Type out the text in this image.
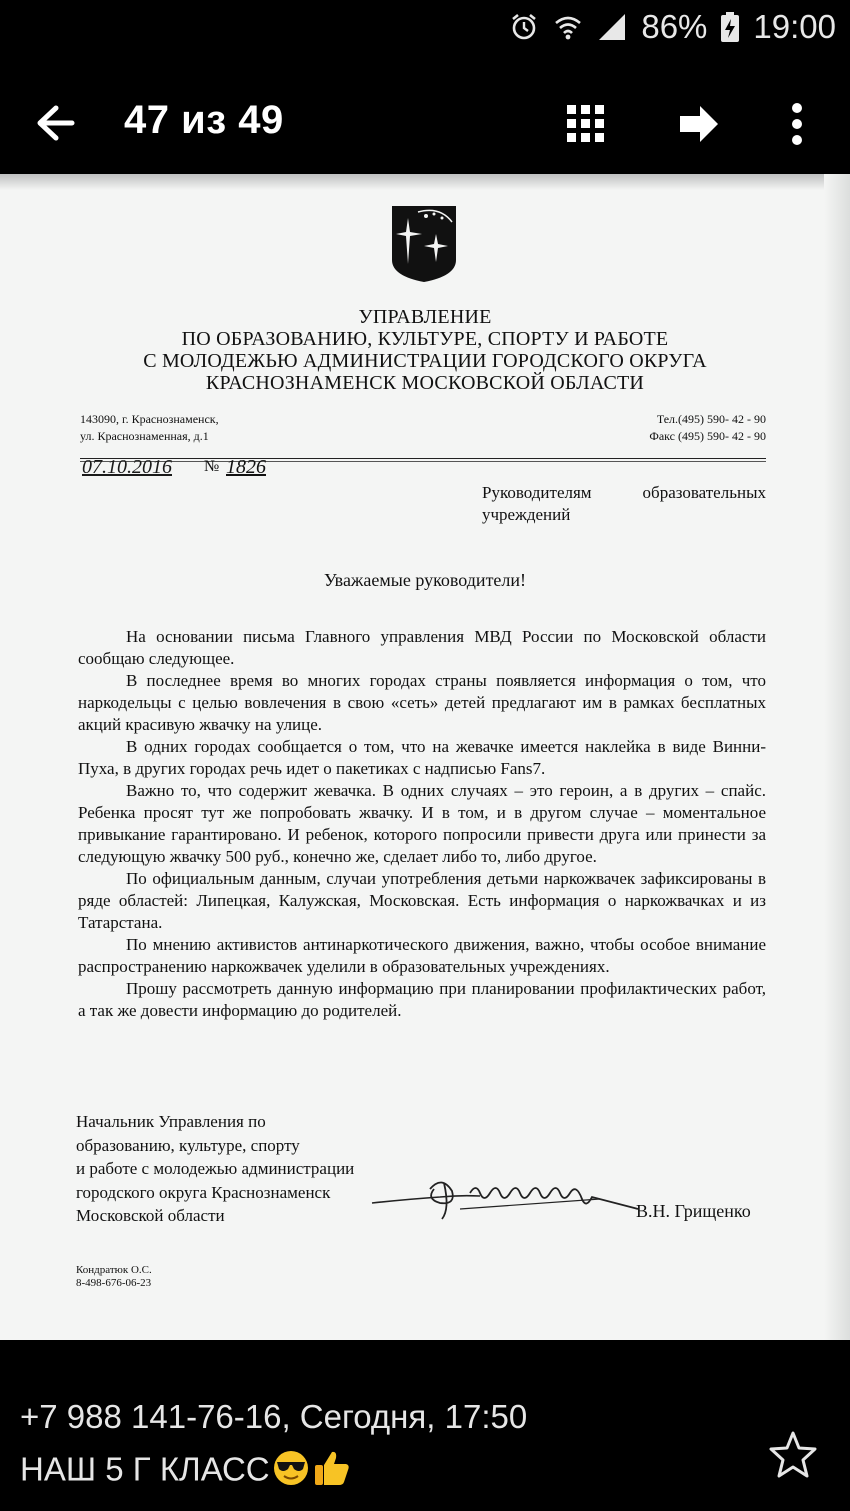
86% 19:00
47 из 49
УПРАВЛЕНИЕ
ПО ОБРАЗОВАНИЮ, КУЛЬТУРЕ, СПОРТУ И РАБОТЕ
С МОЛОДЕЖЬЮ АДМИНИСТРАЦИИ ГОРОДСКОГО ОКРУГА
КРАСНОЗНАМЕНСК МОСКОВСКОЙ ОБЛАСТИ
143090, г. Краснознаменск,
ул. Краснознаменная, д.1
Тел.(495) 590- 42 - 90
Факс (495) 590- 42 - 90
07.10.2016 № 1826
Руководителям образовательных учреждений
Уважаемые руководители!

На основании письма Главного управления МВД России по Московской области сообщаю следующее.

В последнее время во многих городах страны появляется информация о том, что наркодельцы с целью вовлечения в свою «сеть» детей предлагают им в рамках бесплатных акций красивую жвачку на улице.

В одних городах сообщается о том, что на жевачке имеется наклейка в виде Винни-Пуха, в других городах речь идет о пакетиках с надписью Fans7.

Важно то, что содержит жевачка. В одних случаях – это героин, а в других – спайс. Ребенка просят тут же попробовать жвачку. И в том, и в другом случае – моментальное привыкание гарантировано. И ребенок, которого попросили привести друга или принести за следующую жвачку 500 руб., конечно же, сделает либо то, либо другое.

По официальным данным, случаи употребления детьми наркожвачек зафиксированы в ряде областей: Липецкая, Калужская, Московская. Есть информация о наркожвачках и из Татарстана.

По мнению активистов антинаркотического движения, важно, чтобы особое внимание распространению наркожвачек уделили в образовательных учреждениях.

Прошу рассмотреть данную информацию при планировании профилактических работ, а так же довести информацию до родителей.

Начальник Управления по
образованию, культуре, спорту
и работе с молодежью администрации
городского округа Краснознаменск
Московской области	В.Н. Грищенко
Кондратюк О.С.
8-498-676-06-23
+7 988 141-76-16, Сегодня, 17:50
НАШ 5 Г КЛАСС
